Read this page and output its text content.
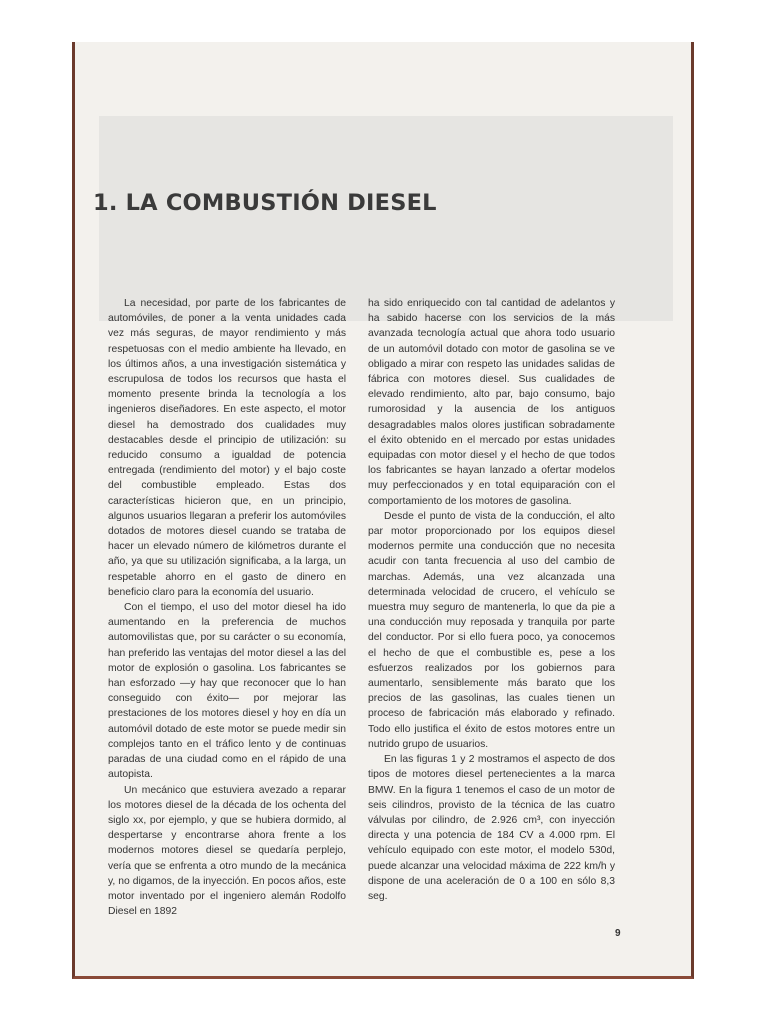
1. LA COMBUSTIÓN DIESEL

La necesidad, por parte de los fabricantes de automóviles, de poner a la venta unidades cada vez más seguras, de mayor rendimiento y más respetuosas con el medio ambiente ha llevado, en los últimos años, a una investigación sistemática y escrupulosa de todos los recursos que hasta el momento presente brinda la tecnología a los ingenieros diseñadores. En este aspecto, el motor diesel ha demostrado dos cualidades muy destacables desde el principio de utilización: su reducido consumo a igualdad de potencia entregada (rendimiento del motor) y el bajo coste del combustible empleado. Estas dos características hicieron que, en un principio, algunos usuarios llegaran a preferir los automóviles dotados de motores diesel cuando se trataba de hacer un elevado número de kilómetros durante el año, ya que su utilización significaba, a la larga, un respetable ahorro en el gasto de dinero en beneficio claro para la economía del usuario.

Con el tiempo, el uso del motor diesel ha ido aumentando en la preferencia de muchos automovilistas que, por su carácter o su economía, han preferido las ventajas del motor diesel a las del motor de explosión o gasolina. Los fabricantes se han esforzado —y hay que reconocer que lo han conseguido con éxito— por mejorar las prestaciones de los motores diesel y hoy en día un automóvil dotado de este motor se puede medir sin complejos tanto en el tráfico lento y de continuas paradas de una ciudad como en el rápido de una autopista.

Un mecánico que estuviera avezado a reparar los motores diesel de la década de los ochenta del siglo xx, por ejemplo, y que se hubiera dormido, al despertarse y encontrarse ahora frente a los modernos motores diesel se quedaría perplejo, vería que se enfrenta a otro mundo de la mecánica y, no digamos, de la inyección. En pocos años, este motor inventado por el ingeniero alemán Rodolfo Diesel en 1892

ha sido enriquecido con tal cantidad de adelantos y ha sabido hacerse con los servicios de la más avanzada tecnología actual que ahora todo usuario de un automóvil dotado con motor de gasolina se ve obligado a mirar con respeto las unidades salidas de fábrica con motores diesel. Sus cualidades de elevado rendimiento, alto par, bajo consumo, bajo rumorosidad y la ausencia de los antiguos desagradables malos olores justifican sobradamente el éxito obtenido en el mercado por estas unidades equipadas con motor diesel y el hecho de que todos los fabricantes se hayan lanzado a ofertar modelos muy perfeccionados y en total equiparación con el comportamiento de los motores de gasolina.

Desde el punto de vista de la conducción, el alto par motor proporcionado por los equipos diesel modernos permite una conducción que no necesita acudir con tanta frecuencia al uso del cambio de marchas. Además, una vez alcanzada una determinada velocidad de crucero, el vehículo se muestra muy seguro de mantenerla, lo que da pie a una conducción muy reposada y tranquila por parte del conductor. Por si ello fuera poco, ya conocemos el hecho de que el combustible es, pese a los esfuerzos realizados por los gobiernos para aumentarlo, sensiblemente más barato que los precios de las gasolinas, las cuales tienen un proceso de fabricación más elaborado y refinado. Todo ello justifica el éxito de estos motores entre un nutrido grupo de usuarios.

En las figuras 1 y 2 mostramos el aspecto de dos tipos de motores diesel pertenecientes a la marca BMW. En la figura 1 tenemos el caso de un motor de seis cilindros, provisto de la técnica de las cuatro válvulas por cilindro, de 2.926 cm³, con inyección directa y una potencia de 184 CV a 4.000 rpm. El vehículo equipado con este motor, el modelo 530d, puede alcanzar una velocidad máxima de 222 km/h y dispone de una aceleración de 0 a 100 en sólo 8,3 seg.

9
